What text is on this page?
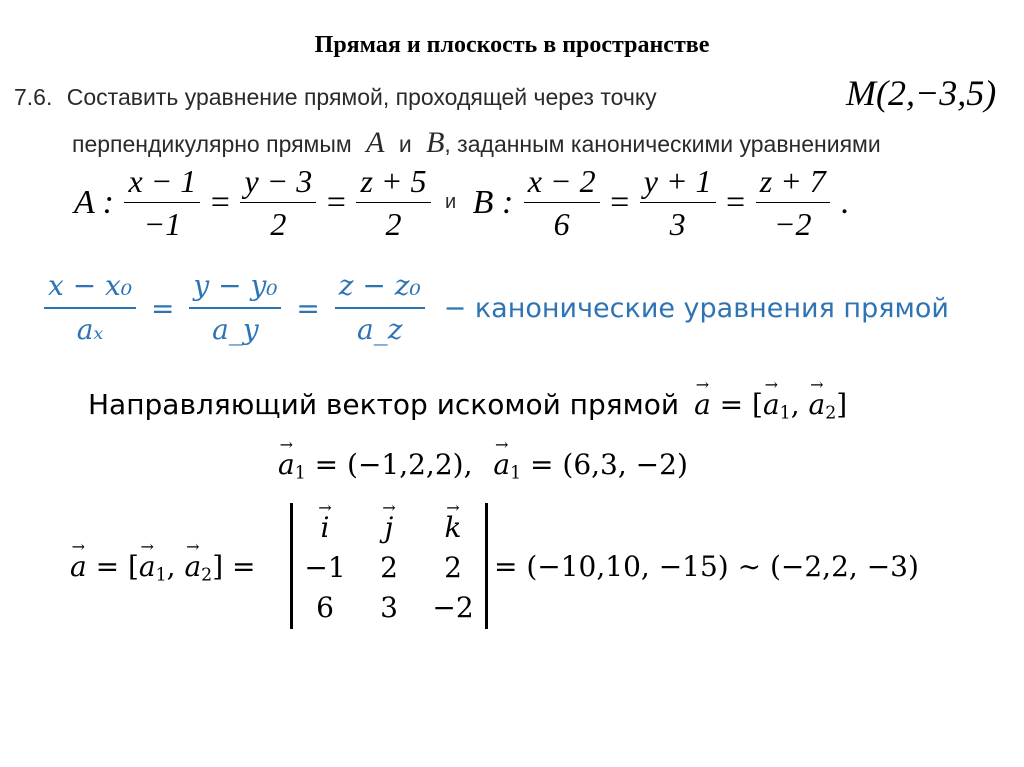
Прямая и плоскость в пространстве
7.6. Составить уравнение прямой, проходящей через точку	M(2,−3,5)
перпендикулярно прямым A и B, заданным каноническими уравнениями
A : $\frac{x - 1}{-1} = \frac{y - 3}{2} = \frac{z + 5}{2}$ и B : $\frac{x - 2}{6} = \frac{y + 1}{3} = \frac{z + 7}{-2}$ .
$\frac{\text{x − x₀}}{\text{aₓ}} = \frac{\text{y − y₀}}{a\_y} = \frac{\text{z − z₀}}{a\_z}$ − канонические уравнения прямой
Направляющий вектор искомой прямой → a = [→ $a_1$, → $a_2$]
→ $a_1 = (-1,2,2)$, → $a_1 = (6,3$, −2)
→ a = [→ $a_1$, → $a_2$] =
→ i	→ j	→ k
−1	2	2
6	3	−2
= (−10,10, −15) ∼ (−2,2, −3)
